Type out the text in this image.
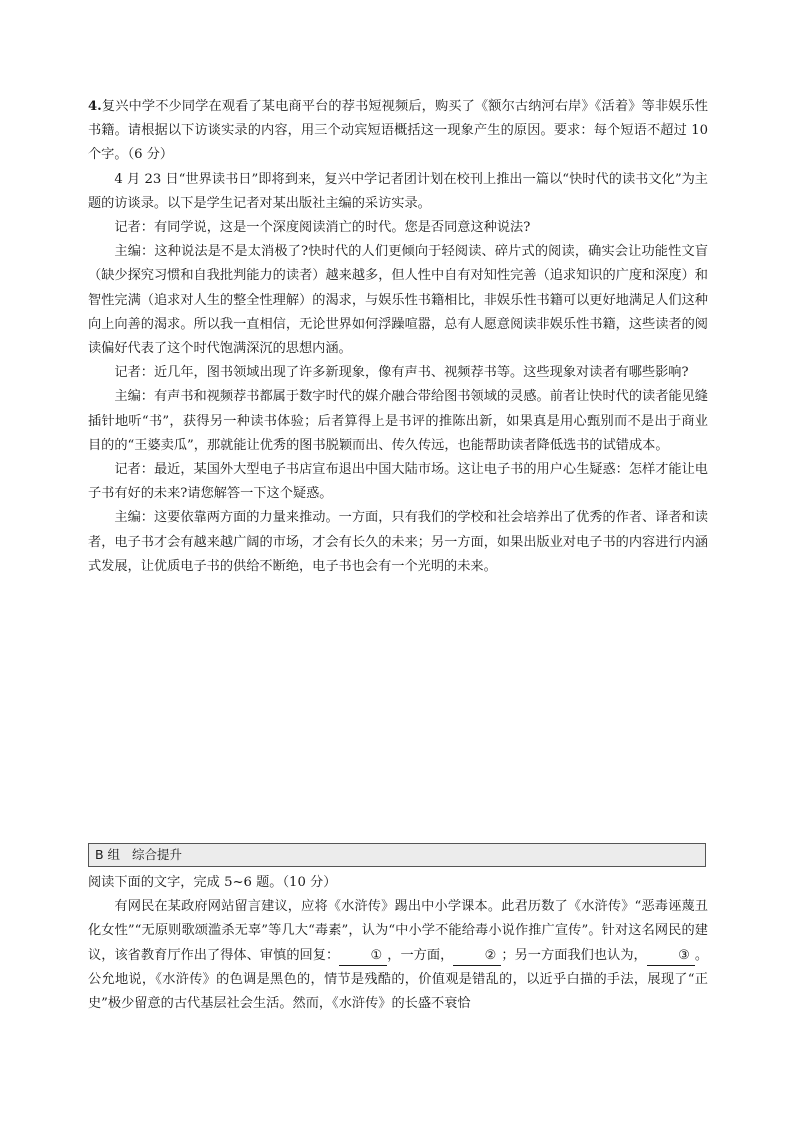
4.复兴中学不少同学在观看了某电商平台的荐书短视频后，购买了《额尔古纳河右岸》《活着》等非娱乐性书籍。请根据以下访谈实录的内容，用三个动宾短语概括这一现象产生的原因。要求：每个短语不超过 10 个字。（6 分）

4 月 23 日“世界读书日”即将到来，复兴中学记者团计划在校刊上推出一篇以“快时代的读书文化”为主题的访谈录。以下是学生记者对某出版社主编的采访实录。

记者：有同学说，这是一个深度阅读消亡的时代。您是否同意这种说法?

主编：这种说法是不是太消极了?快时代的人们更倾向于轻阅读、碎片式的阅读，确实会让功能性文盲（缺少探究习惯和自我批判能力的读者）越来越多，但人性中自有对知性完善（追求知识的广度和深度）和智性完满（追求对人生的整全性理解）的渴求，与娱乐性书籍相比，非娱乐性书籍可以更好地满足人们这种向上向善的渴求。所以我一直相信，无论世界如何浮躁喧嚣，总有人愿意阅读非娱乐性书籍，这些读者的阅读偏好代表了这个时代饱满深沉的思想内涵。

记者：近几年，图书领域出现了许多新现象，像有声书、视频荐书等。这些现象对读者有哪些影响?

主编：有声书和视频荐书都属于数字时代的媒介融合带给图书领域的灵感。前者让快时代的读者能见缝插针地听“书”，获得另一种读书体验；后者算得上是书评的推陈出新，如果真是用心甄别而不是出于商业目的的“王婆卖瓜”，那就能让优秀的图书脱颖而出、传久传远，也能帮助读者降低选书的试错成本。

记者：最近，某国外大型电子书店宣布退出中国大陆市场。这让电子书的用户心生疑惑：怎样才能让电子书有好的未来?请您解答一下这个疑惑。

主编：这要依靠两方面的力量来推动。一方面，只有我们的学校和社会培养出了优秀的作者、译者和读者，电子书才会有越来越广阔的市场，才会有长久的未来；另一方面，如果出版业对电子书的内容进行内涵式发展，让优质电子书的供给不断绝，电子书也会有一个光明的未来。

B 组 综合提升

阅读下面的文字，完成 5~6 题。（10 分）

有网民在某政府网站留言建议，应将《水浒传》踢出中小学课本。此君历数了《水浒传》“恶毒诬蔑丑化女性”“无原则歌颂滥杀无辜”等几大“毒素”，认为“中小学不能给毒小说作推广宣传”。针对这名网民的建议，该省教育厅作出了得体、审慎的回复： ① ，一方面， ② ；另一方面我们也认为， ③ 。公允地说，《水浒传》的色调是黑色的，情节是残酷的，价值观是错乱的，以近乎白描的手法，展现了“正史”极少留意的古代基层社会生活。然而，《水浒传》的长盛不衰恰
